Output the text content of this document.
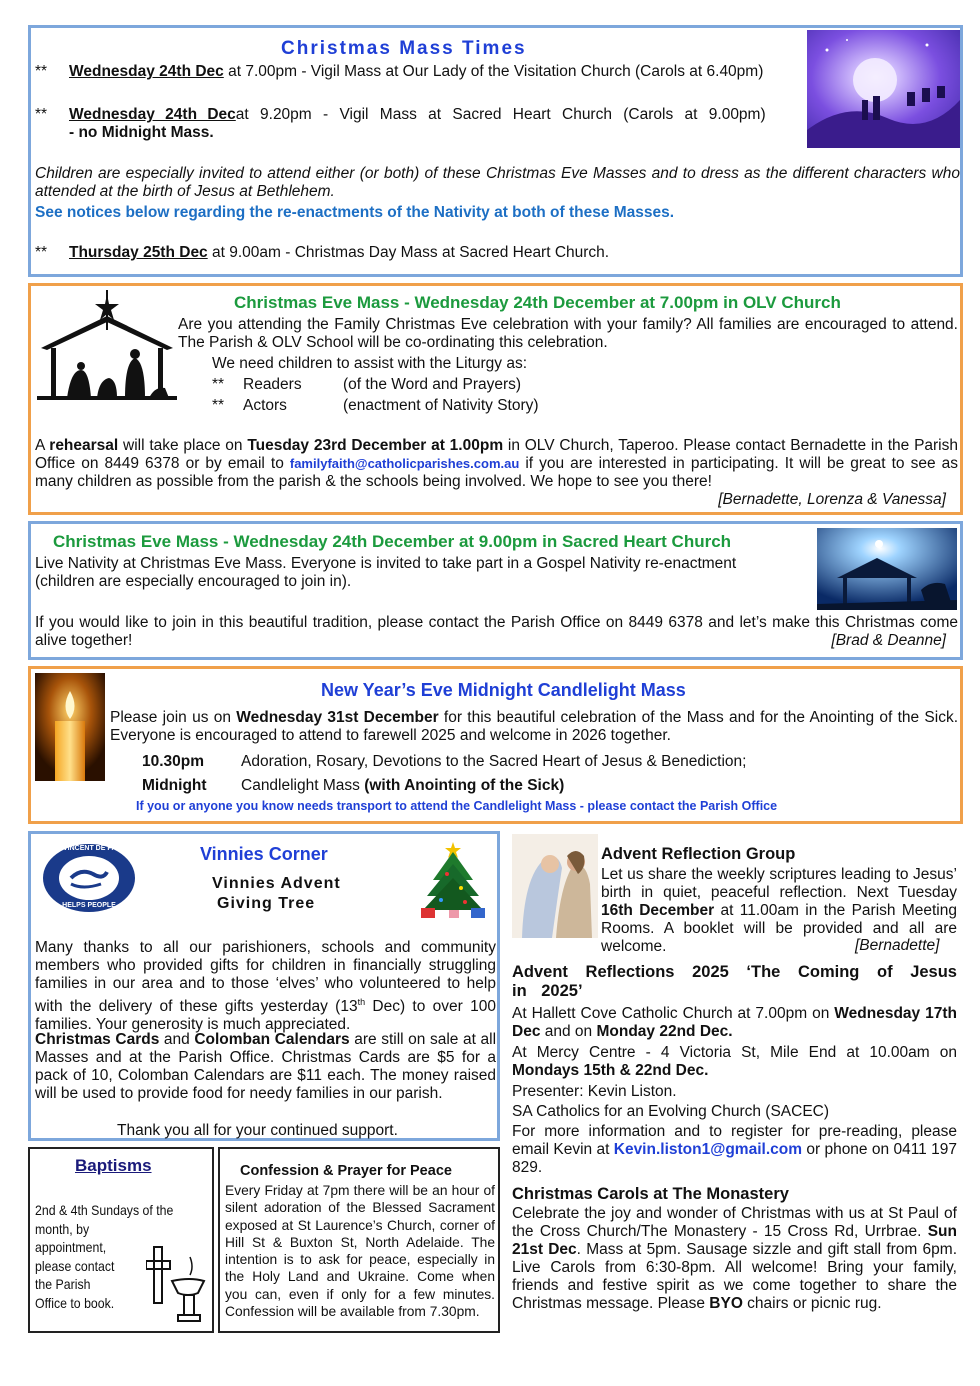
Christmas Mass Times
** Wednesday 24th Dec at 7.00pm - Vigil Mass at Our Lady of the Visitation Church (Carols at 6.40pm)
**	Wednesday 24th Dec at 9.20pm - Vigil Mass at Sacred Heart Church (Carols at 9.00pm)
- no Midnight Mass.
Children are especially invited to attend either (or both) of these Christmas Eve Masses and to dress as the different characters who attended at the birth of Jesus at Bethlehem.
See notices below regarding the re-enactments of the Nativity at both of these Masses.
** Thursday 25th Dec at 9.00am - Christmas Day Mass at Sacred Heart Church.
Christmas Eve Mass - Wednesday 24th December at 7.00pm in OLV Church
Are you attending the Family Christmas Eve celebration with your family? All families are encouraged to attend. The Parish & OLV School will be co-ordinating this celebration.
We need children to assist with the Liturgy as:
** Readers	(of the Word and Prayers)
** Actors	(enactment of Nativity Story)
A rehearsal will take place on Tuesday 23rd December at 1.00pm in OLV Church, Taperoo. Please contact Bernadette in the Parish Office on 8449 6378 or by email to familyfaith@catholicparishes.com.au if you are interested in participating. It will be great to see as many children as possible from the parish & the schools being involved. We hope to see you there!
[Bernadette, Lorenza & Vanessa]
Christmas Eve Mass - Wednesday 24th December at 9.00pm in Sacred Heart Church
Live Nativity at Christmas Eve Mass. Everyone is invited to take part in a Gospel Nativity re-enactment (children are especially encouraged to join in).
If you would like to join in this beautiful tradition, please contact the Parish Office on 8449 6378 and let’s make this Christmas come alive together!	[Brad & Deanne]
New Year’s Eve Midnight Candlelight Mass
Please join us on Wednesday 31st December for this beautiful celebration of the Mass and for the Anointing of the Sick. Everyone is encouraged to attend to farewell 2025 and welcome in 2026 together.
10.30pm Adoration, Rosary, Devotions to the Sacred Heart of Jesus & Benediction;
Midnight Candlelight Mass (with Anointing of the Sick)
If you or anyone you know needs transport to attend the Candlelight Mass - please contact the Parish Office
ST VINCENT DE PAUL
HELPS PEOPLE
Vinnies Corner
Vinnies Advent
Giving Tree
Many thanks to all our parishioners, schools and community members who provided gifts for children in financially struggling families in our area and to those ‘elves’ who volunteered to help with the delivery of these gifts yesterday (13th Dec) to over 100 families. Your generosity is much appreciated.
Christmas Cards and Colomban Calendars are still on sale at all Masses and at the Parish Office. Christmas Cards are $5 for a pack of 10, Colomban Calendars are $11 each. The money raised will be used to provide food for needy families in our parish.
Thank you all for your continued support.
Baptisms
2nd & 4th Sundays of the
month, by
appointment,
please contact
the Parish
Office to book.
Confession & Prayer for Peace
Every Friday at 7pm there will be an hour of silent adoration of the Blessed Sacrament exposed at St Laurence’s Church, corner of Hill St & Buxton St, North Adelaide. The intention is to ask for peace, especially in the Holy Land and Ukraine. Come when you can, even if only for a few minutes. Confession will be available from 7.30pm.
Advent Reflection Group
Let us share the weekly scriptures leading to Jesus’ birth in quiet, peaceful reflection. Next Tuesday 16th December at 11.00am in the Parish Meeting Rooms. A booklet will be provided and all are welcome.	[Bernadette]
Advent Reflections 2025 ‘The Coming of Jesus in 2025’
At Hallett Cove Catholic Church at 7.00pm on Wednesday 17th Dec and on Monday 22nd Dec.
At Mercy Centre - 4 Victoria St, Mile End at 10.00am on Mondays 15th & 22nd Dec.
Presenter: Kevin Liston.
SA Catholics for an Evolving Church (SACEC)
For more information and to register for pre-reading, please email Kevin at Kevin.liston1@gmail.com or phone on 0411 197 829.
Christmas Carols at The Monastery
Celebrate the joy and wonder of Christmas with us at St Paul of the Cross Church/The Monastery - 15 Cross Rd, Urrbrae. Sun 21st Dec. Mass at 5pm. Sausage sizzle and gift stall from 6pm. Live Carols from 6:30-8pm. All welcome! Bring your family, friends and festive spirit as we come together to share the Christmas message. Please BYO chairs or picnic rug.
